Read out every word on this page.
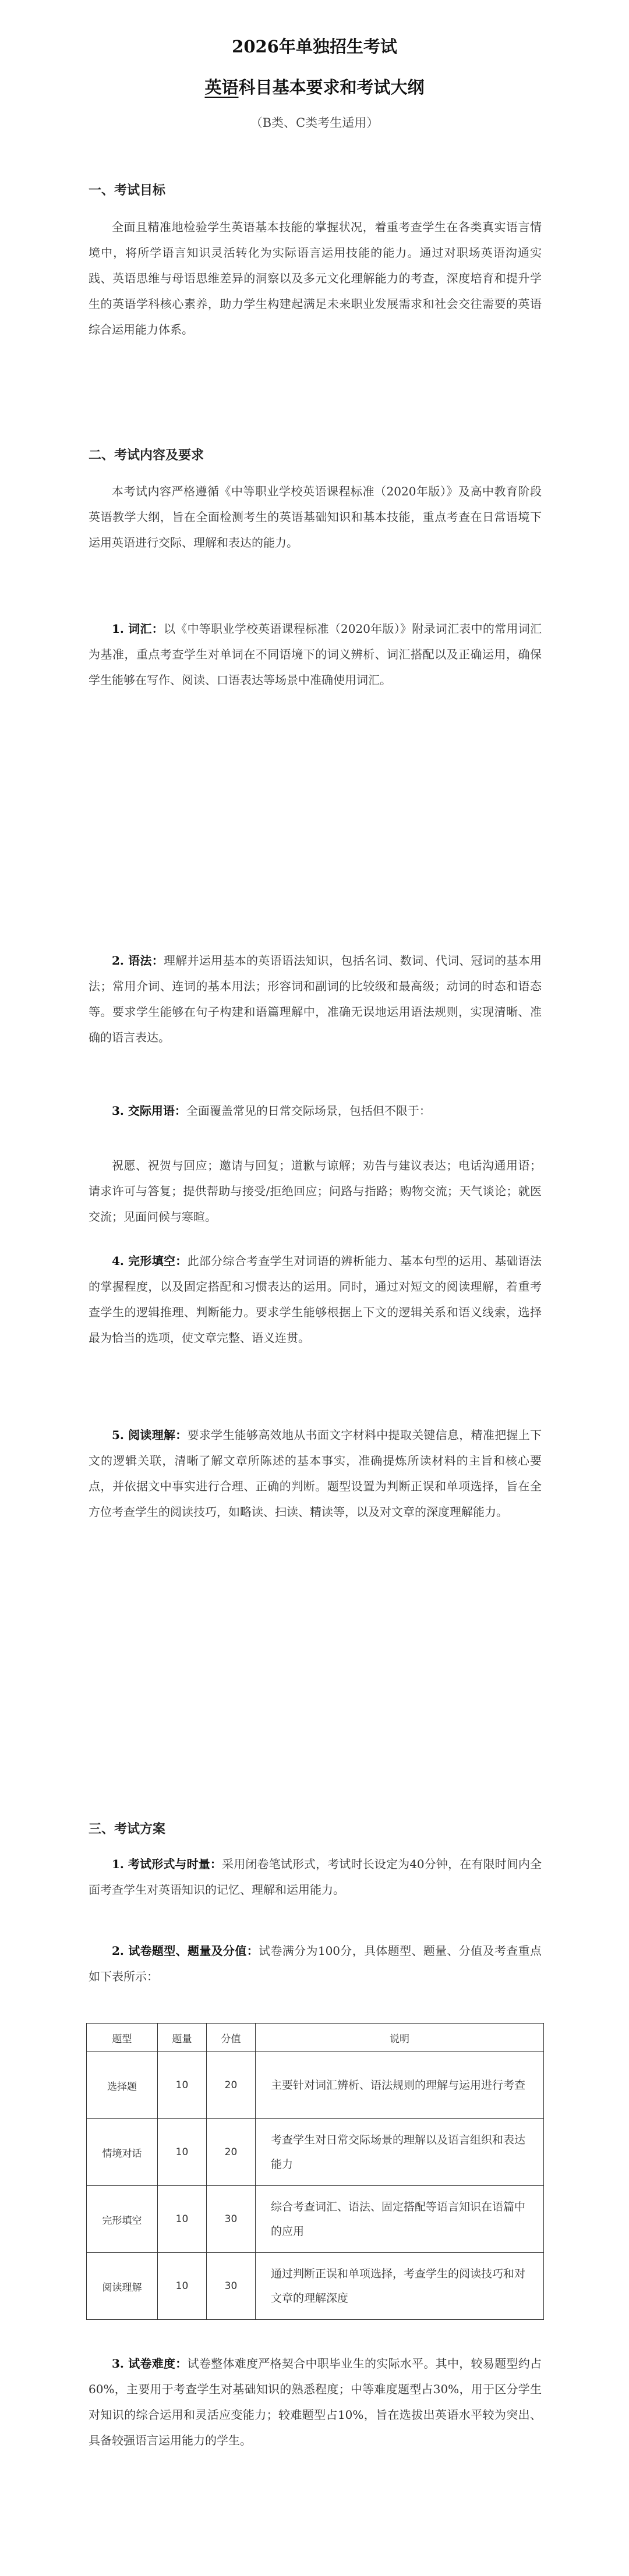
2026年单独招生考试
英语科目基本要求和考试大纲
（B类、C类考生适用）
一、考试目标

全面且精准地检验学生英语基本技能的掌握状况，着重考查学生在各类真实语言情境中，将所学语言知识灵活转化为实际语言运用技能的能力。通过对职场英语沟通实践、英语思维与母语思维差异的洞察以及多元文化理解能力的考查，深度培育和提升学生的英语学科核心素养，助力学生构建起满足未来职业发展需求和社会交往需要的英语综合运用能力体系。

二、考试内容及要求

本考试内容严格遵循《中等职业学校英语课程标准（2020年版）》及高中教育阶段英语教学大纲，旨在全面检测考生的英语基础知识和基本技能，重点考查在日常语境下运用英语进行交际、理解和表达的能力。

1. 词汇：以《中等职业学校英语课程标准（2020年版）》附录词汇表中的常用词汇为基准，重点考查学生对单词在不同语境下的词义辨析、词汇搭配以及正确运用，确保学生能够在写作、阅读、口语表达等场景中准确使用词汇。

2. 语法：理解并运用基本的英语语法知识，包括名词、数词、代词、冠词的基本用法；常用介词、连词的基本用法；形容词和副词的比较级和最高级；动词的时态和语态等。要求学生能够在句子构建和语篇理解中，准确无误地运用语法规则，实现清晰、准确的语言表达。

3. 交际用语：全面覆盖常见的日常交际场景，包括但不限于：

祝愿、祝贺与回应；邀请与回复；道歉与谅解；劝告与建议表达；电话沟通用语；请求许可与答复；提供帮助与接受/拒绝回应；问路与指路；购物交流；天气谈论；就医交流；见面问候与寒暄。

4. 完形填空：此部分综合考查学生对词语的辨析能力、基本句型的运用、基础语法的掌握程度，以及固定搭配和习惯表达的运用。同时，通过对短文的阅读理解，着重考查学生的逻辑推理、判断能力。要求学生能够根据上下文的逻辑关系和语义线索，选择最为恰当的选项，使文章完整、语义连贯。

5. 阅读理解：要求学生能够高效地从书面文字材料中提取关键信息，精准把握上下文的逻辑关联，清晰了解文章所陈述的基本事实，准确提炼所读材料的主旨和核心要点，并依据文中事实进行合理、正确的判断。题型设置为判断正误和单项选择，旨在全方位考查学生的阅读技巧，如略读、扫读、精读等，以及对文章的深度理解能力。

三、考试方案

1. 考试形式与时量：采用闭卷笔试形式，考试时长设定为40分钟，在有限时间内全面考查学生对英语知识的记忆、理解和运用能力。

2. 试卷题型、题量及分值：试卷满分为100分，具体题型、题量、分值及考查重点如下表所示：

题型	题量	分值	说明
选择题	10	20	主要针对词汇辨析、语法规则的理解与运用进行考查
情境对话	10	20	考查学生对日常交际场景的理解以及语言组织和表达能力
完形填空	10	30	综合考查词汇、语法、固定搭配等语言知识在语篇中的应用
阅读理解	10	30	通过判断正误和单项选择，考查学生的阅读技巧和对文章的理解深度

3. 试卷难度：试卷整体难度严格契合中职毕业生的实际水平。其中，较易题型约占60%，主要用于考查学生对基础知识的熟悉程度；中等难度题型占30%，用于区分学生对知识的综合运用和灵活应变能力；较难题型占10%，旨在选拔出英语水平较为突出、具备较强语言运用能力的学生。
